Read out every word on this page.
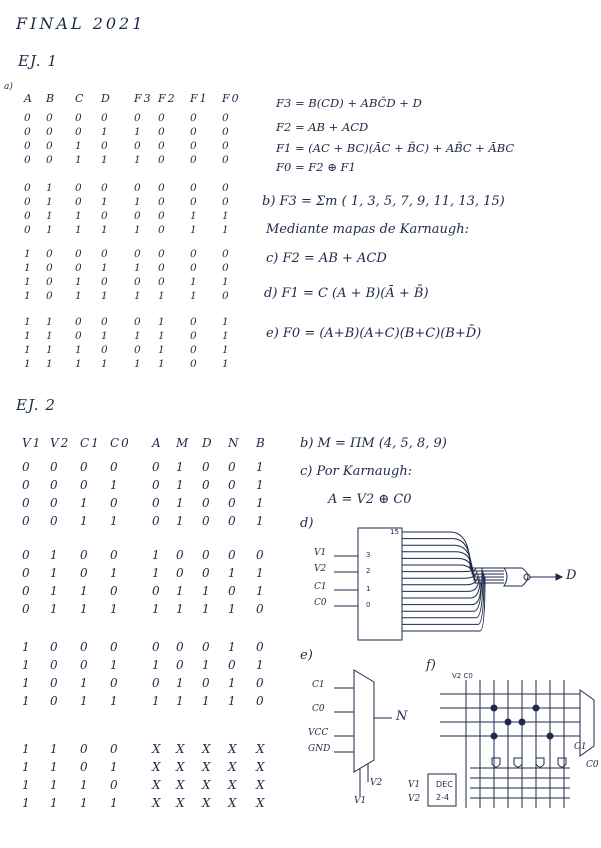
FINAL 2021
EJ. 1
a)
A B C D F3 F2 F1 F0
0 0 0 0	0 0 0 0
0 0 0 1	1 0 0 0
0 0 1 0	0 0 0 0
0 0 1 1	1 0 0 0
0 1 0 0	0 0 0 0
0 1 0 1	1 0 0 0
0 1 1 0	0 0 1 1
0 1 1 1	1 0 1 1
1 0 0 0	0 0 0 0
1 0 0 1	1 0 0 0
1 0 1 0	0 0 1 1
1 0 1 1	1 1 1 0
1 1 0 0	0 1 0 1
1 1 0 1	1 1 0 1
1 1 1 0	0 1 0 1
1 1 1 1	1 1 0 1
F3 = B(CD) + ABC̄D + D
F2 = AB + ACD
F1 = (AC + BC)(ĀC + B̄C) + AB̄C + ĀBC
F0 = F2 ⊕ F1
b) F3 = Σm ( 1, 3, 5, 7, 9, 11, 13, 15)
Mediante mapas de Karnaugh:
c) F2 = AB + ACD
d) F1 = C (A + B)(Ā + B̄)
e) F0 = (A+B)(A+C)(B+C)(B+D̄)
EJ. 2
V1 V2 C1 C0 A M D N B
0 0 0 0	0 1 0 0 1
0 0 0 1	0 1 0 0 1
0 0 1 0	0 1 0 0 1
0 0 1 1	0 1 0 0 1
0 1 0 0	1 0 0 0 0
0 1 0 1	1 0 0 1 1
0 1 1 0	0 1 1 0 1
0 1 1 1	1 1 1 1 0
1 0 0 0	0 0 0 1 0
1 0 0 1	1 0 1 0 1
1 0 1 0	0 1 0 1 0
1 0 1 1	1 1 1 1 0
1 1 0 0	X X X X X
1 1 0 1	X X X X X
1 1 1 0	X X X X X
1 1 1 1	X X X X X
b) M = ΠM (4, 5, 8, 9)
c) Por Karnaugh:
A = V2 ⊕ C0
d)
e)
f)
V1
V2
C1
C0
15
3
2
1
0
D
C1
C0
VCC
GND
N
V2
V1
V2 C0
DEC
2-4
V1
V2
C1
C0
